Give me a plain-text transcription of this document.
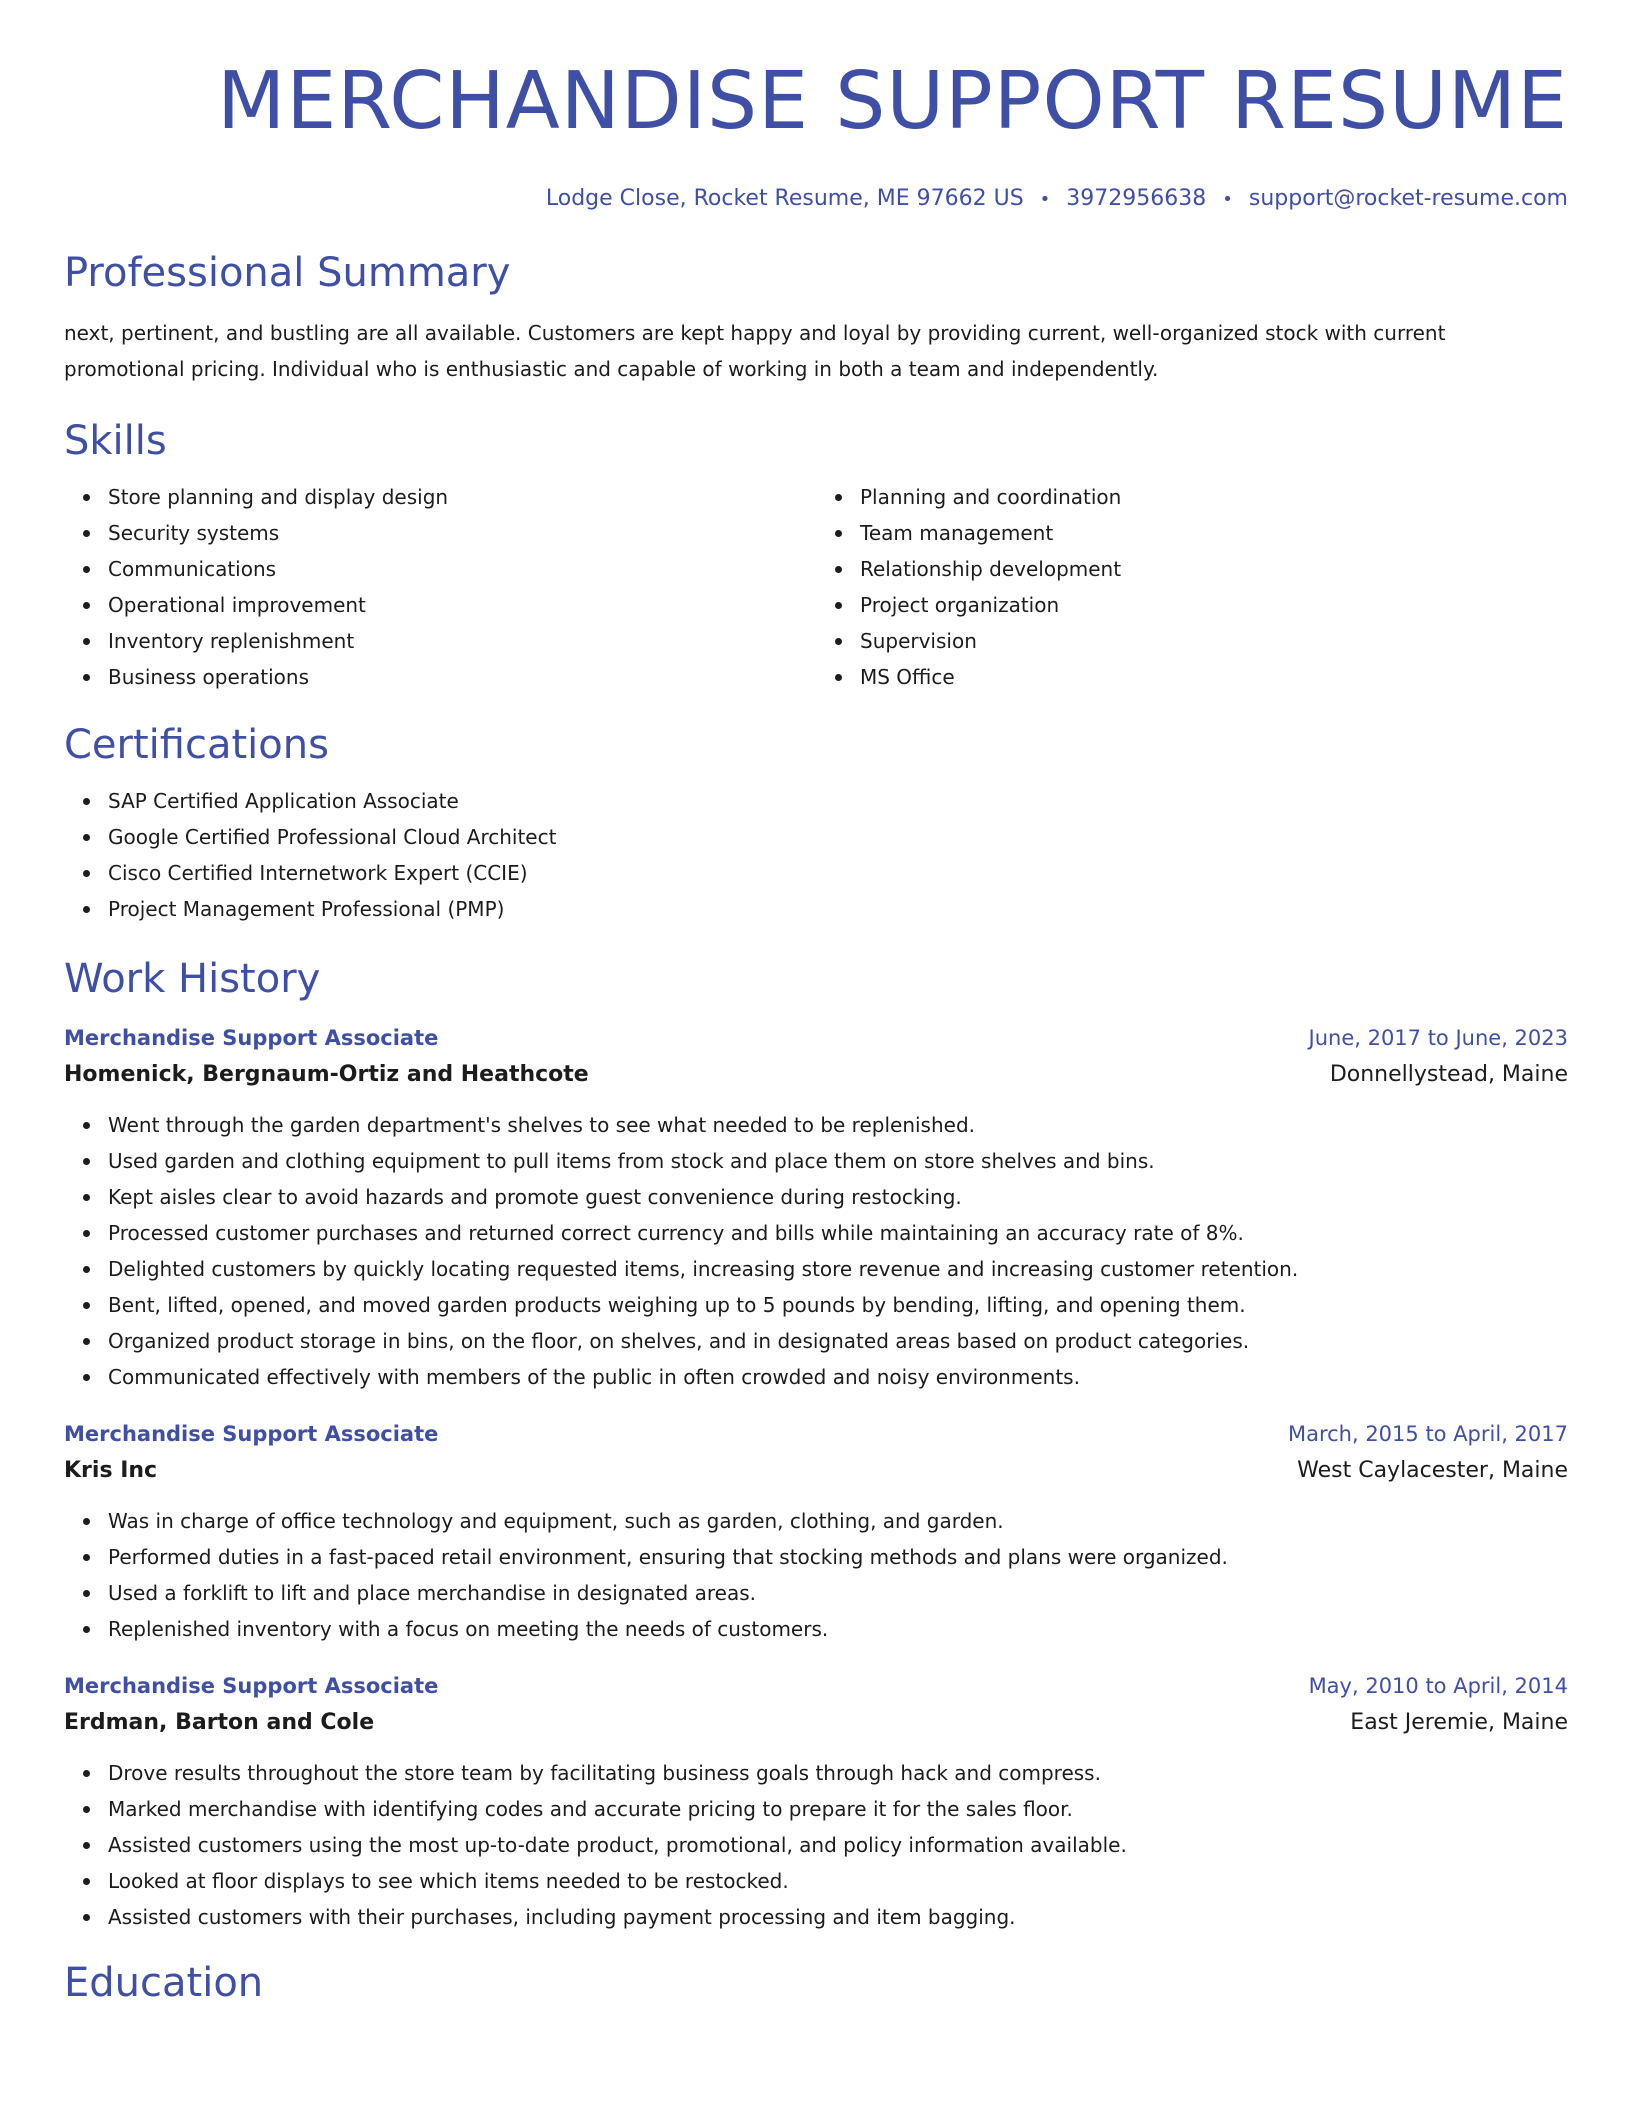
MERCHANDISE SUPPORT RESUME
Lodge Close, Rocket Resume, ME 97662 US • 3972956638 • support@rocket-resume.com
Professional Summary
next, pertinent, and bustling are all available. Customers are kept happy and loyal by providing current, well-organized stock with current promotional pricing. Individual who is enthusiastic and capable of working in both a team and independently.
Skills
Store planning and display design
Security systems
Communications
Operational improvement
Inventory replenishment
Business operations
Planning and coordination
Team management
Relationship development
Project organization
Supervision
MS Office
Certifications
SAP Certified Application Associate
Google Certified Professional Cloud Architect
Cisco Certified Internetwork Expert (CCIE)
Project Management Professional (PMP)
Work History
Merchandise Support Associate	June, 2017 to June, 2023
Homenick, Bergnaum-Ortiz and Heathcote	Donnellystead, Maine
Went through the garden department's shelves to see what needed to be replenished.
Used garden and clothing equipment to pull items from stock and place them on store shelves and bins.
Kept aisles clear to avoid hazards and promote guest convenience during restocking.
Processed customer purchases and returned correct currency and bills while maintaining an accuracy rate of 8%.
Delighted customers by quickly locating requested items, increasing store revenue and increasing customer retention.
Bent, lifted, opened, and moved garden products weighing up to 5 pounds by bending, lifting, and opening them.
Organized product storage in bins, on the floor, on shelves, and in designated areas based on product categories.
Communicated effectively with members of the public in often crowded and noisy environments.
Merchandise Support Associate	March, 2015 to April, 2017
Kris Inc	West Caylacester, Maine
Was in charge of office technology and equipment, such as garden, clothing, and garden.
Performed duties in a fast-paced retail environment, ensuring that stocking methods and plans were organized.
Used a forklift to lift and place merchandise in designated areas.
Replenished inventory with a focus on meeting the needs of customers.
Merchandise Support Associate	May, 2010 to April, 2014
Erdman, Barton and Cole	East Jeremie, Maine
Drove results throughout the store team by facilitating business goals through hack and compress.
Marked merchandise with identifying codes and accurate pricing to prepare it for the sales floor.
Assisted customers using the most up-to-date product, promotional, and policy information available.
Looked at floor displays to see which items needed to be restocked.
Assisted customers with their purchases, including payment processing and item bagging.
Education
